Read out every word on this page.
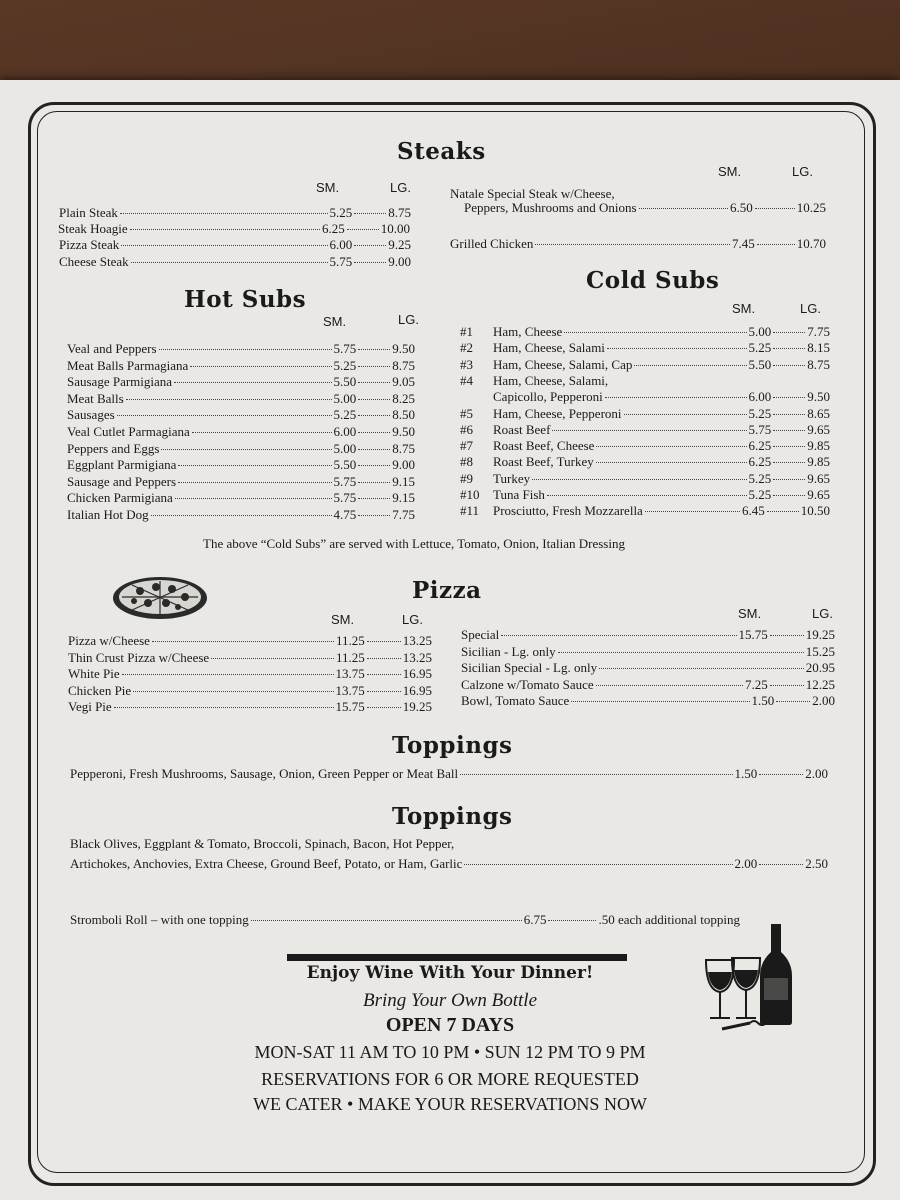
Steaks
SM.	LG.
Plain Steak	5.25	8.75
Steak Hoagie	6.25	10.00
Pizza Steak	6.00	9.25
Cheese Steak	5.75	9.00
SM.	LG.
Natale Special Steak w/Cheese,
Peppers, Mushrooms and Onions	6.50	10.25
Grilled Chicken	7.45	10.70
Hot Subs
SM.	LG.
Veal and Peppers	5.75	9.50
Meat Balls Parmagiana	5.25	8.75
Sausage Parmigiana	5.50	9.05
Meat Balls	5.00	8.25
Sausages	5.25	8.50
Veal Cutlet Parmagiana	6.00	9.50
Peppers and Eggs	5.00	8.75
Eggplant Parmigiana	5.50	9.00
Sausage and Peppers	5.75	9.15
Chicken Parmigiana	5.75	9.15
Italian Hot Dog	4.75	7.75
Cold Subs
SM.	LG.
#1	Ham, Cheese	5.00	7.75
#2	Ham, Cheese, Salami	5.25	8.15
#3	Ham, Cheese, Salami, Cap	5.50	8.75
#4	Ham, Cheese, Salami,
Capicollo, Pepperoni	6.00	9.50
#5	Ham, Cheese, Pepperoni	5.25	8.65
#6	Roast Beef	5.75	9.65
#7	Roast Beef, Cheese	6.25	9.85
#8	Roast Beef, Turkey	6.25	9.85
#9	Turkey	5.25	9.65
#10	Tuna Fish	5.25	9.65
#11	Prosciutto, Fresh Mozzarella	6.45	10.50
The above “Cold Subs” are served with Lettuce, Tomato, Onion, Italian Dressing
Pizza
SM.	LG.	SM.	LG.
Pizza w/Cheese	11.25	13.25
Thin Crust Pizza w/Cheese	11.25	13.25
White Pie	13.75	16.95
Chicken Pie	13.75	16.95
Vegi Pie	15.75	19.25
Special	15.75	19.25
Sicilian - Lg. only	15.25
Sicilian Special - Lg. only	20.95
Calzone w/Tomato Sauce	7.25	12.25
Bowl, Tomato Sauce	1.50	2.00
Toppings
Pepperoni, Fresh Mushrooms, Sausage, Onion, Green Pepper or Meat Ball	1.50	2.00
Toppings
Black Olives, Eggplant & Tomato, Broccoli, Spinach, Bacon, Hot Pepper,
Artichokes, Anchovies, Extra Cheese, Ground Beef, Potato, or Ham, Garlic	2.00	2.50
Stromboli Roll – with one topping	6.75	.50 each additional topping
Enjoy Wine With Your Dinner!
Bring Your Own Bottle
OPEN 7 DAYS
MON-SAT 11 AM TO 10 PM • SUN 12 PM TO 9 PM
RESERVATIONS FOR 6 OR MORE REQUESTED
WE CATER • MAKE YOUR RESERVATIONS NOW
